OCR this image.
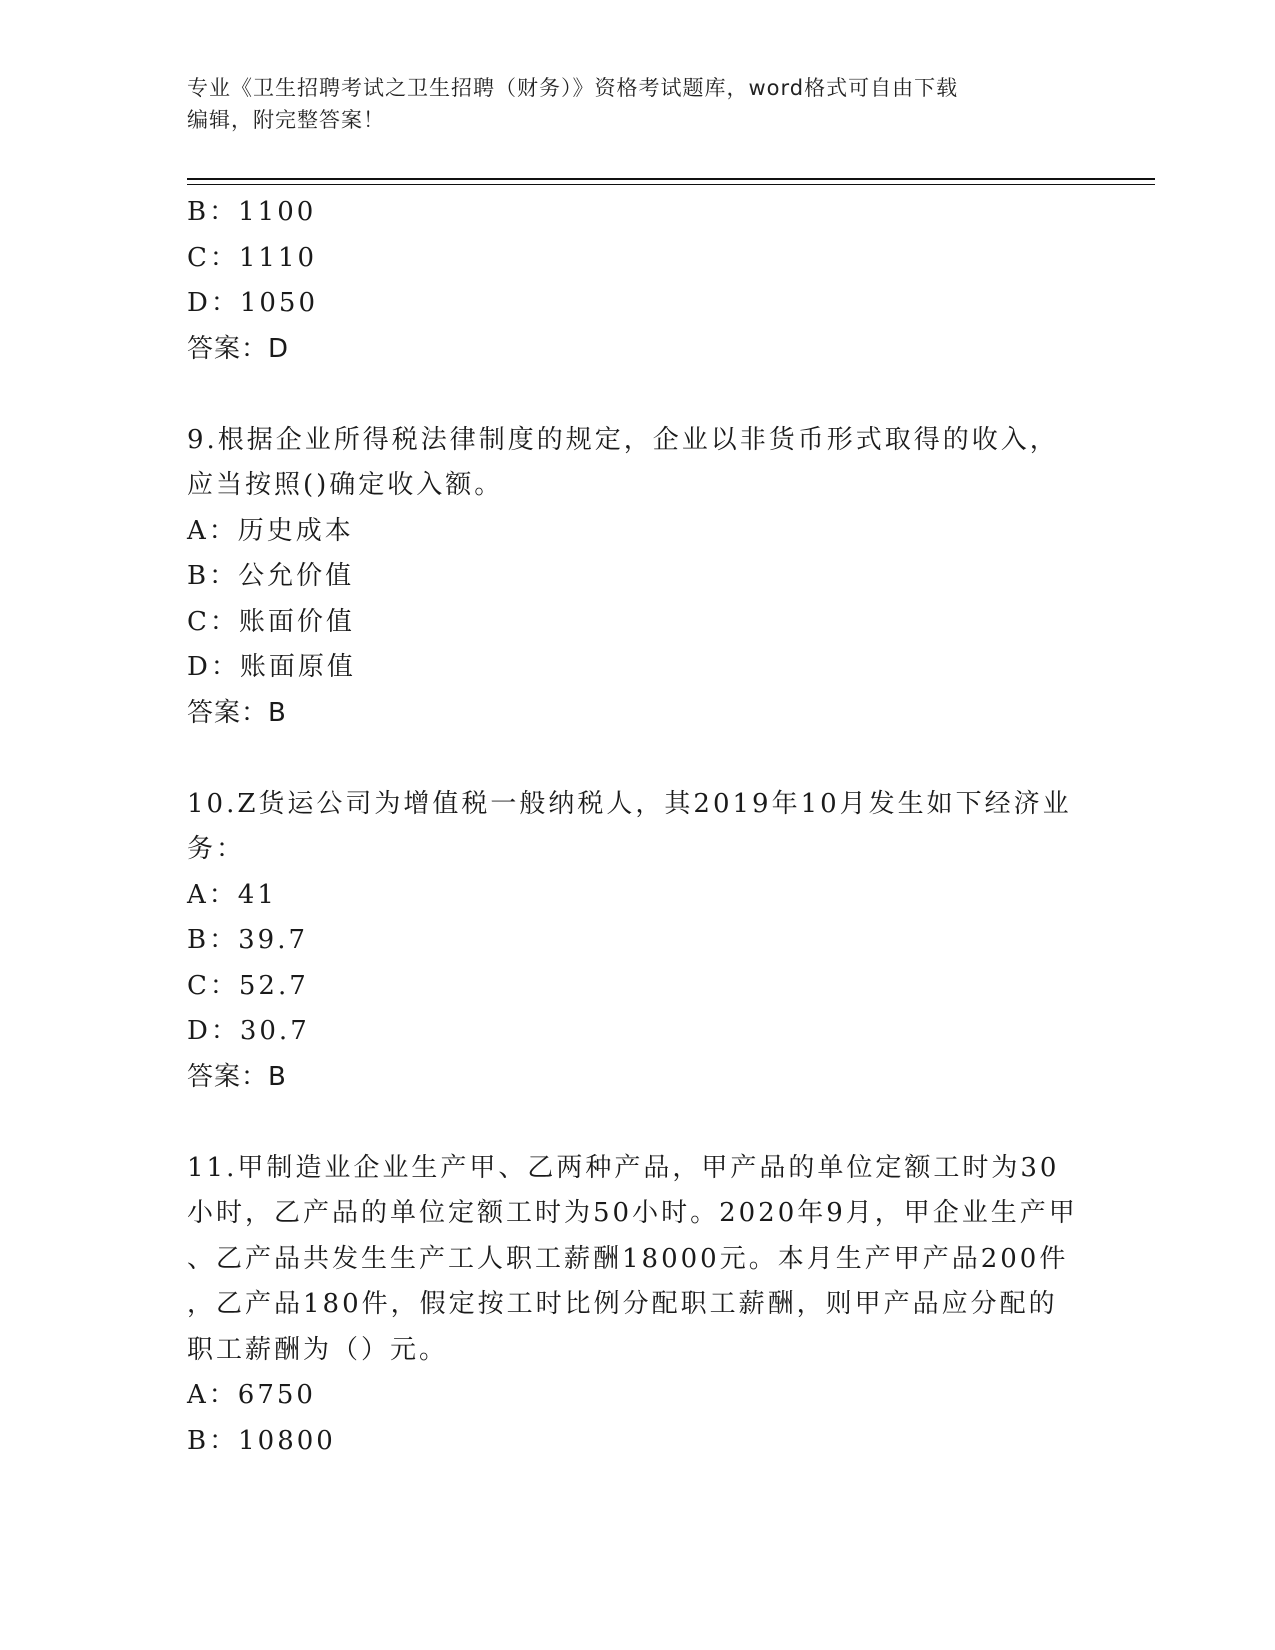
专业《卫生招聘考试之卫生招聘（财务）》资格考试题库，word格式可自由下载
编辑，附完整答案！
B：1100
C：1110
D：1050
答案：D
9.根据企业所得税法律制度的规定，企业以非货币形式取得的收入，
应当按照()确定收入额。
A：历史成本
B：公允价值
C：账面价值
D：账面原值
答案：B
10.Z货运公司为增值税一般纳税人，其2019年10月发生如下经济业
务：
A：41
B：39.7
C：52.7
D：30.7
答案：B
11.甲制造业企业生产甲、乙两种产品，甲产品的单位定额工时为30
小时，乙产品的单位定额工时为50小时。2020年9月，甲企业生产甲
、乙产品共发生生产工人职工薪酬18000元。本月生产甲产品200件
，乙产品180件，假定按工时比例分配职工薪酬，则甲产品应分配的
职工薪酬为（）元。
A：6750
B：10800
